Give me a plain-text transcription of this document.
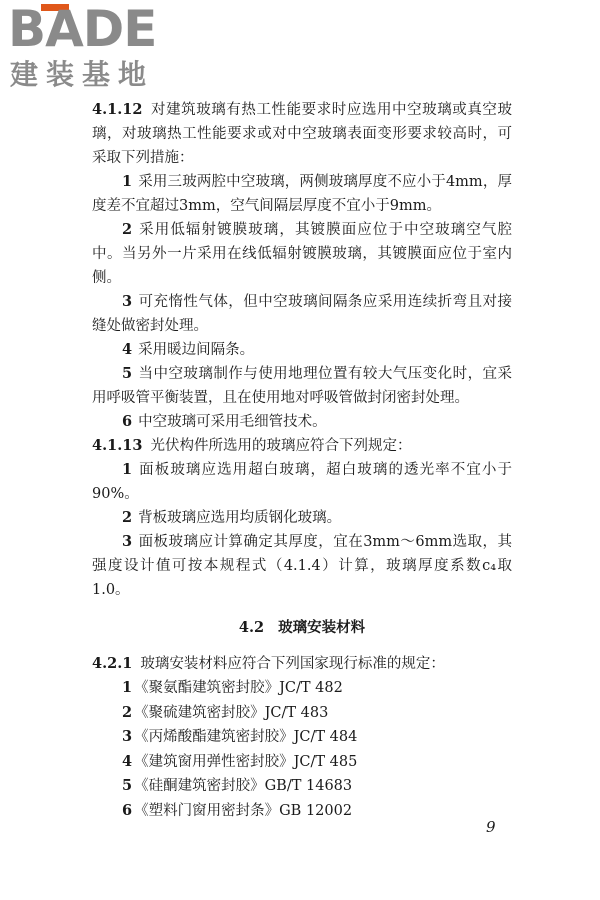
BADE
建装基地

4.1.12 对建筑玻璃有热工性能要求时应选用中空玻璃或真空玻璃，对玻璃热工性能要求或对中空玻璃表面变形要求较高时，可采取下列措施：

1 采用三玻两腔中空玻璃，两侧玻璃厚度不应小于4mm，厚度差不宜超过3mm，空气间隔层厚度不宜小于9mm。

2 采用低辐射镀膜玻璃，其镀膜面应位于中空玻璃空气腔中。当另外一片采用在线低辐射镀膜玻璃，其镀膜面应位于室内侧。

3 可充惰性气体，但中空玻璃间隔条应采用连续折弯且对接缝处做密封处理。

4 采用暖边间隔条。

5 当中空玻璃制作与使用地理位置有较大气压变化时，宜采用呼吸管平衡装置，且在使用地对呼吸管做封闭密封处理。

6 中空玻璃可采用毛细管技术。

4.1.13 光伏构件所选用的玻璃应符合下列规定：

1 面板玻璃应选用超白玻璃，超白玻璃的透光率不宜小于90%。

2 背板玻璃应选用均质钢化玻璃。

3 面板玻璃应计算确定其厚度，宜在3mm～6mm选取，其强度设计值可按本规程式（4.1.4）计算，玻璃厚度系数c₄取1.0。

4.2 玻璃安装材料

4.2.1 玻璃安装材料应符合下列国家现行标准的规定：

1 《聚氨酯建筑密封胶》JC/T 482

2 《聚硫建筑密封胶》JC/T 483

3 《丙烯酸酯建筑密封胶》JC/T 484

4 《建筑窗用弹性密封胶》JC/T 485

5 《硅酮建筑密封胶》GB/T 14683

6 《塑料门窗用密封条》GB 12002

9
